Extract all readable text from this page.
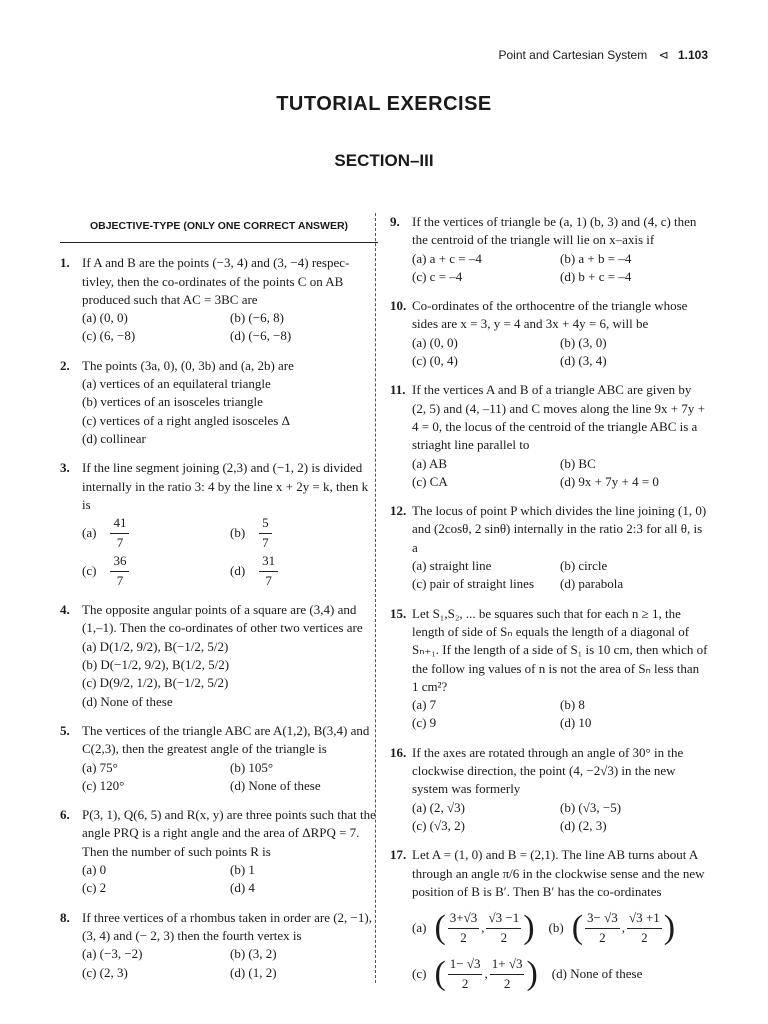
Point and Cartesian System ⊲ 1.103
TUTORIAL EXERCISE
SECTION–III
OBJECTIVE-TYPE (ONLY ONE CORRECT ANSWER)
1. If A and B are the points (−3, 4) and (3, −4) respec tivley, then the co-ordinates of the points C on AB produced such that AC = 3BC are
(a) (0, 0)	(b) (−6, 8)
(c) (6, −8)	(d) (−6, −8)
2. The points (3a, 0), (0, 3b) and (a, 2b) are
(a) vertices of an equilateral triangle
(b) vertices of an isosceles triangle
(c) vertices of a right angled isosceles Δ
(d) collinear
3. If the line segment joining (2,3) and (−1, 2) is divided internally in the ratio 3: 4 by the line x + 2y = k, then k is
$(a) \frac{41}{7}$	$(b) \frac{5}{7}$
$(c) \frac{36}{7}$	$(d) \frac{31}{7}$
4. The opposite angular points of a square are (3,4) and (1,–1). Then the co-ordinates of other two vertices are
(a) D(1/2, 9/2), B(−1/2, 5/2)
(b) D(−1/2, 9/2), B(1/2, 5/2)
(c) D(9/2, 1/2), B(−1/2, 5/2)
(d) None of these
5. The vertices of the triangle ABC are A(1,2), B(3,4) and C(2,3), then the greatest angle of the triangle is
(a) 75°	(b) 105°
(c) 120°	(d) None of these
6. P(3, 1), Q(6, 5) and R(x, y) are three points such that the angle PRQ is a right angle and the area of ΔRPQ = 7. Then the number of such points R is
(a) 0	(b) 1
(c) 2	(d) 4
8. If three vertices of a rhombus taken in order are (2, −1), (3, 4) and (− 2, 3) then the fourth vertex is
(a) (−3, −2)	(b) (3, 2)
(c) (2, 3)	(d) (1, 2)
9. If the vertices of triangle be (a, 1) (b, 3) and (4, c) then the centroid of the triangle will lie on x–axis if
(a) a + c = –4	(b) a + b = –4
(c) c = –4	(d) b + c = –4
10. Co-ordinates of the orthocentre of the triangle whose sides are x = 3, y = 4 and 3x + 4y = 6, will be
(a) (0, 0)	(b) (3, 0)
(c) (0, 4)	(d) (3, 4)
11. If the vertices A and B of a triangle ABC are given by (2, 5) and (4, –11) and C moves along the line 9x + 7y + 4 = 0, the locus of the centroid of the triangle ABC is a striaght line parallel to
(a) AB	(b) BC
(c) CA	(d) 9x + 7y + 4 = 0
12. The locus of point P which divides the line joining (1, 0) and (2cosθ, 2 sinθ) internally in the ratio 2:3 for all θ, is a
(a) straight line	(b) circle
(c) pair of straight lines	(d) parabola
15. Let S₁,S₂, ... be squares such that for each n ≥ 1, the length of side of Sₙ equals the length of a diagonal of Sₙ₊₁. If the length of a side of S₁ is 10 cm, then which of the follow ing values of n is not the area of Sₙ less than 1 cm²?
(a) 7	(b) 8
(c) 9	(d) 10
16. If the axes are rotated through an angle of 30° in the clockwise direction, the point (4, −2√3) in the new system was formerly
(a) (2, √3)	(b) (√3, −5)
(c) (√3, 2)	(d) (2, 3)
17. Let A = (1, 0) and B = (2,1). The line AB turns about A through an angle π/6 in the clockwise sense and the new position of B is B′. Then B′ has the co-ordinates
(a) ( $\frac{3+√3}{2}$ , $\frac{√3 -1}{2}$ ) (b) ( $\frac{3- √3}{2}$ , $\frac{√3 +1}{2}$ )
(c) ( $\frac{1- √3}{2}$ , $\frac{1+ √3}{2}$ ) (d) None of these
